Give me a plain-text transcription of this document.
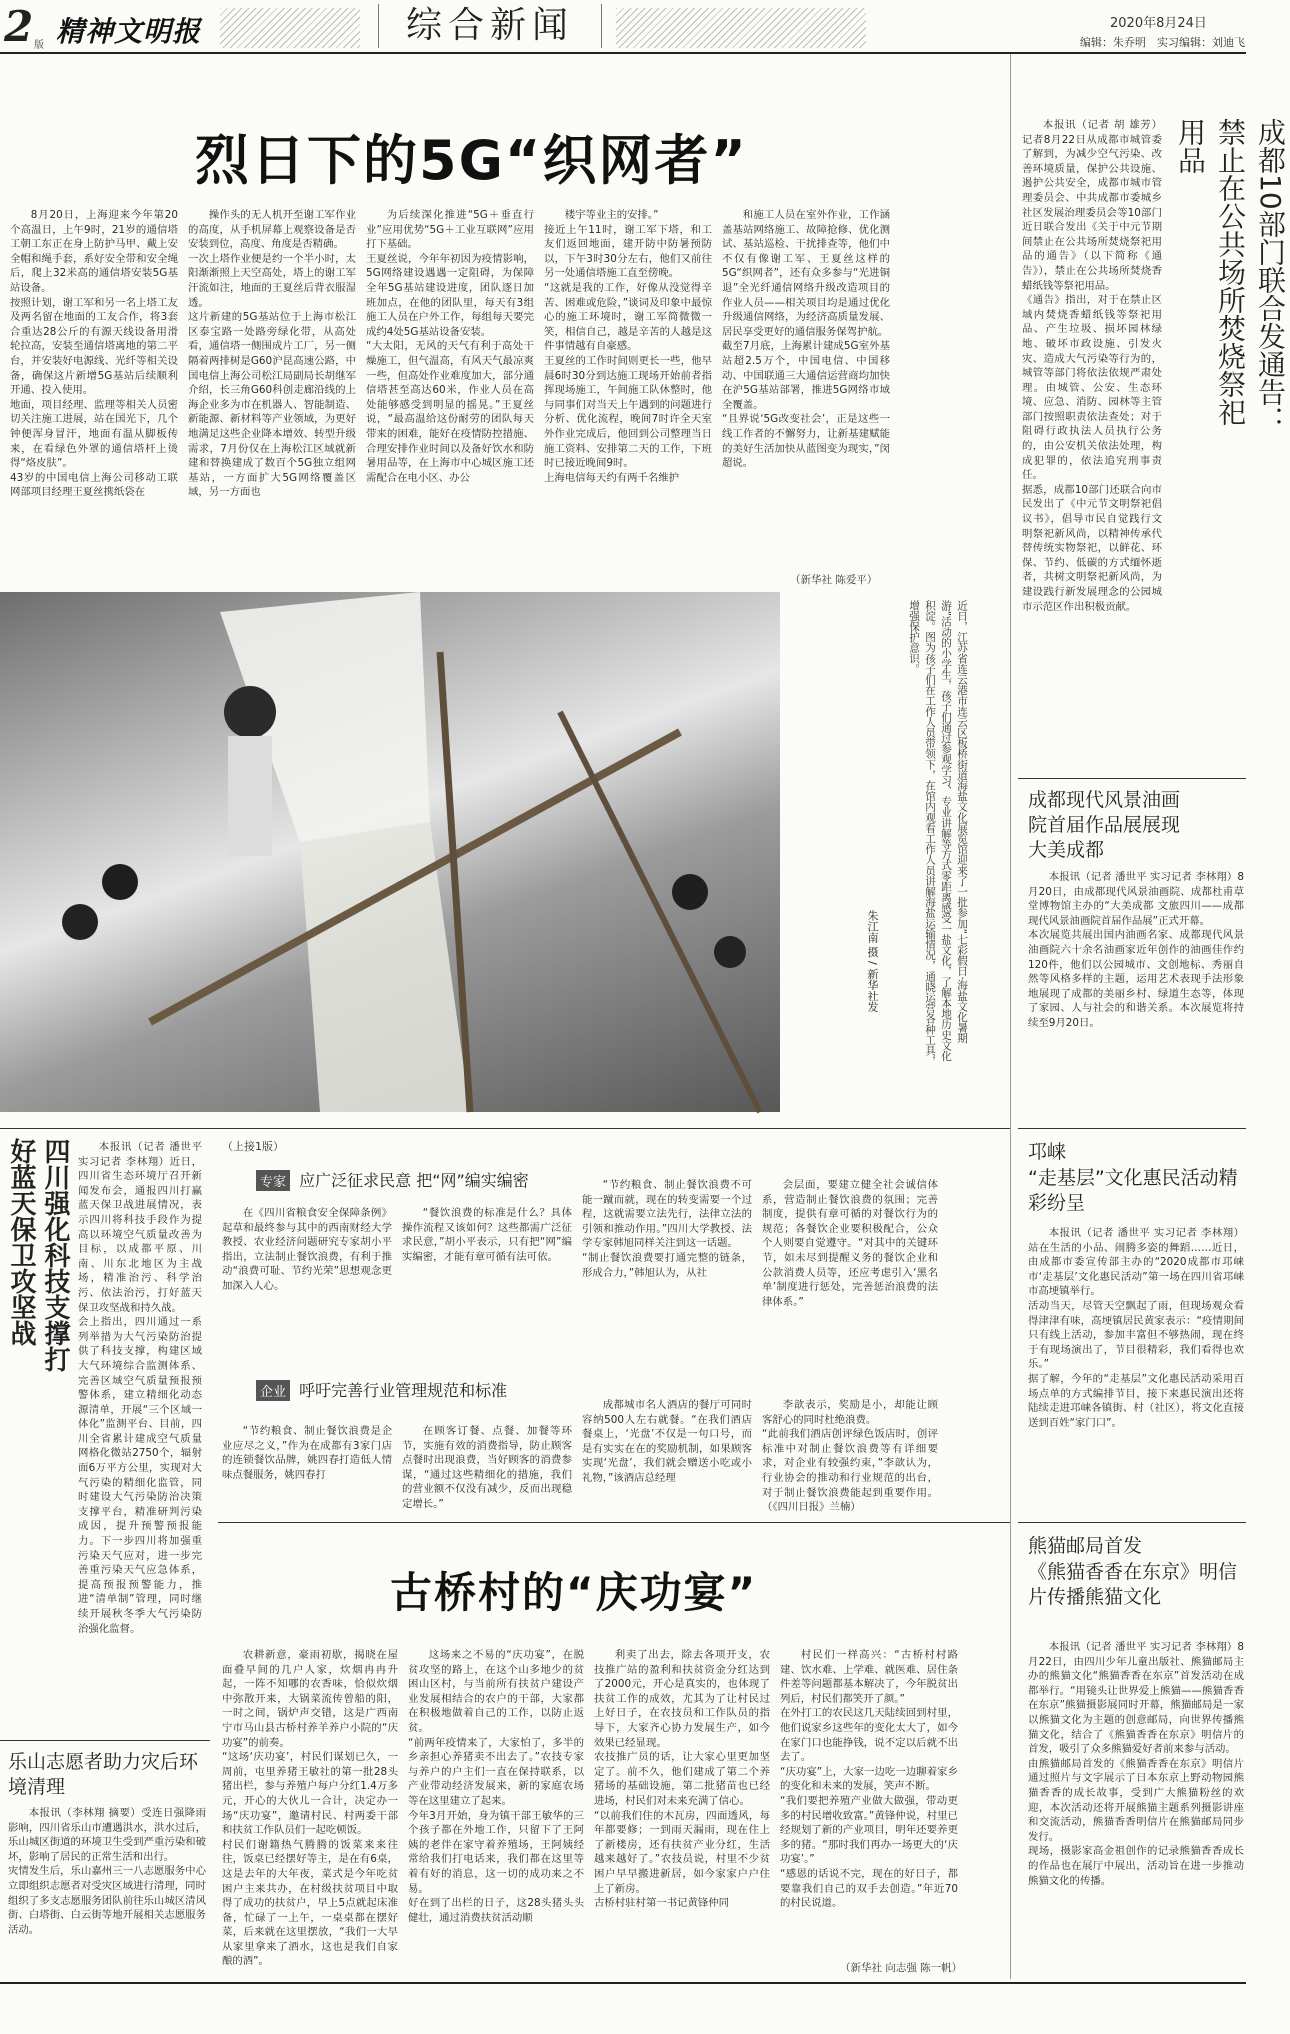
2 版 精神文明报	综合新闻	2020年8月24日
编辑：朱乔明　实习编辑：刘迪飞
烈日下的5G“织网者”

8月20日，上海迎来今年第20个高温日，上午9时，21岁的通信塔工朝工东正在身上防护马甲、戴上安全帽和绳手套，系好安全带和安全绳后，爬上32米高的通信塔安装5G基站设备。
按照计划，谢工军和另一名上塔工友及两名留在地面的工友合作，将3套合重达28公斤的有源天线设备用滑轮拉高，安装至通信塔离地的第二平台，并安装好电源线、光纤等相关设备，确保这片新增5G基站后续顺利开通、投入使用。
地面，项目经理、监理等相关人员密切关注施工进展，站在国光下，几个钟便浑身冒汗，地面有温从脚板传来，在看绿色外罩的通信塔杆上烫得“烙皮肤”。
43岁的中国电信上海公司移动工联网部项目经理王夏丝携纸袋在

操作头的无人机开至谢工军作业的高度，从手机屏幕上观察设备是否安装到位，高度、角度是否精确。
一次上塔作业便是约一个半小时，太阳渐渐照上天空高处，塔上的谢工军汗流如注，地面的王夏丝后背衣服湿透。
这片新建的5G基站位于上海市松江区泰宝路一处路旁绿化带，从高处看，通信塔一侧围成片工厂，另一侧隔着两排树是G60沪昆高速公路，中国电信上海公司松江局副局长胡继军介绍，长三角G60科创走廊沿线的上海企业多为市在机器人、智能制造、新能源、新材料等产业领域，为更好地满足这些企业降本增效、转型升级需求，7月份仅在上海松江区域就新建和替换建成了数百个5G独立组网基站，一方面扩大5G网络覆盖区域，另一方面也

为后续深化推进“5G＋垂直行业”应用优势“5G＋工业互联网”应用打下基础。
王夏丝说，今年年初因为疫情影响，5G网络建设遇遇一定阻碍，为保障全年5G基站建设进度，团队逐日加班加点，在他的团队里，每天有3组施工人员在户外工作，每组每天要完成约4处5G基站设备安装。
“大太阳，无风的天气有利于高处干燥施工，但气温高，有风天气最凉爽一些，但高处作业难度加大，部分通信塔甚至高达60米，作业人员在高处能够感受到明显的摇晃。”王夏丝说，“最高温给这份耐劳的团队每天带来的困难，能好在疫情防控措施、合理安排作业时间以及备好饮水和防暑用品等，在上海市中心城区施工还需配合在电小区、办公

楼宇等业主的安排。”
接近上午11时，谢工军下塔，和工友们返回地面，建开防中防暑预防以，下午3时30分左右，他们又前往另一处通信塔施工直至傍晚。
“这就是我的工作，好像从没觉得辛苦、困难或危险，”谈词及印象中最惊心的施工环境时，谢工军简微微一笑，相信自己，越是辛苦的人越是这件事情越有自豪感。
王夏丝的工作时间则更长一些，他早晨6时30分到达施工现场开始前者指挥现场施工，午间施工队休整时，他与同事们对当天上午遇到的问题进行分析、优化流程，晚间7时许全天室外作业完成后，他回到公司整理当日施工资料、安排第二天的工作，下班时已接近晚间9时。
上海电信每天约有两千名维护

和施工人员在室外作业，工作涵盖基站网络施工、故障抢修、优化测试、基站巡检、干扰排查等，他们中不仅有像谢工军、王夏丝这样的5G“织网者”，还有众多参与“光进铜退”全光纤通信网络升级改造项目的作业人员——相关项目均是通过优化升级通信网络，为经济高质量发展、居民享受更好的通信服务保驾护航。
截至7月底，上海累计建成5G室外基站超2.5万个，中国电信、中国移动、中国联通三大通信运营商均加快在沪5G基站部署，推进5G网络市域全覆盖。
“且界说‘5G改变社会’，正是这些一线工作者的不懈努力，让新基建赋能的美好生活加快从蓝图变为现实，”闵超说。

（新华社 陈爱平）
近日，江苏省连云港市连云区板桥街道海盐文化展览馆迎来了一批参加“七彩假日·海盐文化暑期游”活动的小学生，孩子们通过参观学习、专业讲解等方式零距离感受一盐文化，了解本地历史文化积淀。图为孩子们在工作人员带领下，在馆内观看工作人员讲解海盐运输情况，通晓运营各种工具，增强保护意识。
朱江南 摄 / 新华社发
成都10部门联合发通告：禁止在公共场所焚烧祭祀用品

本报讯（记者 胡 雄芳）记者8月22日从成都市城管委了解到，为减少空气污染、改善环境质量，保护公共设施、遏护公共安全，成都市城市管理委员会、中共成都市委城乡社区发展治理委员会等10部门近日联合发出《关于中元节期间禁止在公共场所焚烧祭祀用品的通告》（以下简称《通告》），禁止在公共场所焚烧香蜡纸钱等祭祀用品。
《通告》指出，对于在禁止区域内焚烧香蜡纸钱等祭祀用品、产生垃圾、损坏园林绿地、破坏市政设施、引发火灾、造成大气污染等行为的，城管等部门将依法依规严肃处理。由城管、公安、生态环境、应急、消防、园林等主管部门按照职责依法查处；对于阻碍行政执法人员执行公务的，由公安机关依法处理，构成犯罪的，依法追究刑事责任。
据悉，成都10部门还联合向市民发出了《中元节文明祭祀倡议书》，倡导市民自觉践行文明祭祀新风尚，以精神传承代替传统实物祭祀，以鲜花、环保、节约、低碳的方式缅怀逝者，共树文明祭祀新风尚，为建设践行新发展理念的公园城市示范区作出积极贡献。

成都现代风景油画院首届作品展展现大美成都

本报讯（记者 潘世平 实习记者 李林翔）8月20日，由成都现代风景油画院、成都杜甫草堂博物馆主办的“大美成都 文旅四川——成都现代风景油画院首届作品展”正式开幕。
本次展览共展出国内油画名家、成都现代风景油画院六十余名油画家近年创作的油画佳作约120件，他们以公园城市、文创地标、秀丽自然等风格多样的主题，运用艺术表现手法形象地展现了成都的美丽乡村、绿道生态等，体现了家园、人与社会的和谐关系。本次展览将持续至9月20日。

四川强化科技支撑打好蓝天保卫攻坚战	本报讯（记者 潘世平 实习记者 李林翔）近日，四川省生态环境厅召开新闻发布会，通报四川打赢蓝天保卫战进展情况，表示四川将科技手段作为提高以环境空气质量改善为目标，以成都平原、川南、川东北地区为主战场，精准治污、科学治污、依法治污，打好蓝天保卫攻坚战和持久战。
会上指出，四川通过一系列举措为大气污染防治提供了科技支撑，构建区域大气环境综合监测体系、完善区域空气质量预报预警体系，建立精细化动态源清单，开展“三个区域一体化”监测平台、目前，四川全省累计建成空气质量网格化微站2750个，辐射面6万平方公里，实现对大气污染的精细化监管，同时建设大气污染防治决策支撑平台，精准研判污染成因，提升预警预报能力。下一步四川将加强重污染天气应对，进一步完善重污染天气应急体系，提高预报预警能力，推进“清单制”管理，同时继续开展秋冬季大气污染防治强化监督。

（上接1版）
专家 应广泛征求民意 把“网”编实编密

在《四川省粮食安全保障条例》起草和最终参与其中的西南财经大学教授、农业经济问题研究专家胡小平指出，立法制止餐饮浪费，有利于推动“浪费可耻、节约光荣”思想观念更加深入人心。

“餐饮浪费的标准是什么？具体操作流程又该如何？这些都需广泛征求民意，”胡小平表示，只有把“网”编实编密，才能有章可循有法可依。

“节约粮食、制止餐饮浪费不可能一蹴而就，现在的转变需要一个过程，这就需要立法先行，法律立法的引领和推动作用。”四川大学教授、法学专家韩旭同样关注到这一话题。
“制止餐饮浪费要打通完整的链条，形成合力，”韩旭认为，从社

会层面，要建立健全社会诚信体系，营造制止餐饮浪费的氛围；完善制度，提供有章可循的对餐饮行为的规范；各餐饮企业要积极配合，公众个人则要自觉遵守。“对其中的关键环节，如未尽到提醒义务的餐饮企业和公款消费人员等，还应考虑引入‘黑名单’制度进行惩处，完善惩治浪费的法律体系。”

企业 呼吁完善行业管理规范和标准

“节约粮食、制止餐饮浪费是企业应尽之义，”作为在成都有3家门店的连锁餐饮品牌，姚四春打造低人情味点餐服务，姚四春打

在顾客订餐、点餐、加餐等环节，实施有效的消费指导，防止顾客点餐时出现浪费，当好顾客的消费参谋，“通过这些精细化的措施，我们的营业额不仅没有减少，反而出现稳定增长。”

成都城市名人酒店的餐厅可同时容纳500人左右就餐。“在我们酒店餐桌上，‘光盘’不仅是一句口号，而是有实实在在的奖励机制，如果顾客实现‘光盘’，我们就会赠送小吃或小礼物，”该酒店总经理

李歆表示，奖励是小，却能让顾客舒心的同时杜绝浪费。
“此前我们酒店创评绿色饭店时，创评标准中对制止餐饮浪费等有详细要求，对企业有较强约束，”李歆认为，行业协会的推动和行业规范的出台，对于制止餐饮浪费能起到重要作用。（《四川日报》兰楠）

邛崃
“走基层”文化惠民活动精彩纷呈

本报讯（记者 潘世平 实习记者 李林翔）站在生活的小品、闹腾多姿的舞蹈……近日，由成都市委宣传部主办的“2020成都市邛崃市‘走基层’文化惠民活动”第一场在四川省邛崃市高埂镇举行。
活动当天，尽管天空飘起了雨，但现场观众看得津津有味，高埂镇居民黄家表示：“疫情期间只有线上活动，参加丰富但不够热闹，现在终于有现场演出了，节目很精彩，我们看得也欢乐。”
据了解，今年的“走基层”文化惠民活动采用百场点单的方式编排节目，接下来惠民演出还将陆续走进邛崃各镇街、村（社区），将文化直接送到百姓“家门口”。

古桥村的“庆功宴”

农耕新意，豪雨初歇，揭晓在屋面叠早间的几户人家，炊烟冉冉升起，一阵不知哪的农香味，恰似炊烟中弥散开来，大锅菜流传曾船的阳，一时之间，锅炉声交错，这是广西南宁市马山县古桥村养羊养户小院的“庆功宴”的前奏。
“这场‘庆功宴’，村民们谋划已久，一周前，屯里养猪王敏社的第一批28头猪出栏，参与养殖户每户分红1.4万多元，开心的大伙儿一合计，决定办一场“庆功宴”，邀请村民、村两委干部和扶贫工作队员们一起吃顿饭。
村民们谢籍热气腾腾的饭菜来来往往，饭桌已经摆好等主，是在有6桌，这是去年的大年夜，菜式是今年吃贫困户主来共办，在村级扶贫项目中取得了成功的扶贫户，早上5点就起床准备，忙碌了一上午，一桌桌都在摆好菜，后来就在这里摆放，“我们一大早从家里拿来了酒水，这也是我们自家酿的酒”。

这场来之不易的“庆功宴”，在脱贫攻坚的路上，在这个山多地少的贫困山区村，与当前所有扶贫户建设产业发展相结合的农户的干部，大家都在积极地做着自己的工作，以防止返贫。
“前两年疫情来了，大家怕了，多半的乡亲担心养猪卖不出去了。”农技专家与养户的户主们一直在保持联系，以产业带动经济发展来，新的家庭农场等在这里建立了起来。
今年3月开始，身为镇干部王敏华的三个孩子都在外地工作，只留下了王阿姨的老伴在家守着养殖场，王阿姨经常给我们打电话来，我们都在这里等着有好的消息，这一切的成功来之不易。
好在到了出栏的日子，这28头猪头头健壮，通过消费扶贫活动顺

利卖了出去，除去各项开支，农技推广站的盈利和扶贫资金分红达到了2000元，开心是真实的，也体现了扶贫工作的成效，尤其为了让村民过上好日子，在农技员和工作队员的指导下，大家齐心协力发展生产，如今效果已经显现。
农技推广员的话，让大家心里更加坚定了。前不久，他们建成了第二个养猪场的基础设施，第二批猪苗也已经进场，村民们对未来充满了信心。
“以前我们住的木瓦房，四面透风，每年都要修；一到雨天漏雨，现在住上了新楼房，还有扶贫产业分红，生活越来越好了。”农技员说，村里不少贫困户早早搬进新居，如今家家户户住上了新房。
古桥村驻村第一书记黄锋仲同

村民们一样高兴：“古桥村村路建、饮水难、上学难、就医难、居住条件差等问题都基本解决了，今年脱贫出列后，村民们都笑开了颜。”
在外打工的农民这几天陆续回到村里，他们说家乡这些年的变化太大了，如今在家门口也能挣钱，说不定以后就不出去了。
“庆功宴”上，大家一边吃一边聊着家乡的变化和未来的发展，笑声不断。
“我们要把养殖产业做大做强，带动更多的村民增收致富。”黄锋仲说，村里已经规划了新的产业项目，明年还要养更多的猪。“那时我们再办一场更大的‘庆功宴’。”
“感恩的话说不完，现在的好日子，都要靠我们自己的双手去创造。”年近70的村民说道。

（新华社 向志强 陈一帆）
乐山志愿者助力灾后环境清理

本报讯（李林翔 摘要）受连日强降雨影响，四川省乐山市遭遇洪水，洪水过后，乐山城区街道的环境卫生受到严重污染和破坏，影响了居民的正常生活和出行。
灾情发生后，乐山嘉州三一八志愿服务中心立即组织志愿者对受灾区域进行清理，同时组织了多支志愿服务团队前往乐山城区清风街、白塔街、白云街等地开展相关志愿服务活动。

熊猫邮局首发
《熊猫香香在东京》明信片传播熊猫文化

本报讯（记者 潘世平 实习记者 李林翔）8月22日，由四川少年儿童出版社、熊猫邮局主办的熊猫文化“熊猫香香在东京”首发活动在成都举行。“用镜头让世界爱上熊猫——熊猫香香在东京”熊猫摄影展同时开幕，熊猫邮局是一家以熊猫文化为主题的创意邮局，向世界传播熊猫文化，结合了《熊猫香香在东京》明信片的首发，吸引了众多熊猫爱好者前来参与活动。
由熊猫邮局首发的《熊猫香香在东京》明信片通过照片与文字展示了日本东京上野动物园熊猫香香的成长故事，受到广大熊猫粉丝的欢迎，本次活动还将开展熊猫主题系列摄影讲座和交流活动，熊猫香香明信片在熊猫邮局同步发行。
现场，摄影家高金祖创作的记录熊猫香香成长的作品也在展厅中展出，活动旨在进一步推动熊猫文化的传播。
